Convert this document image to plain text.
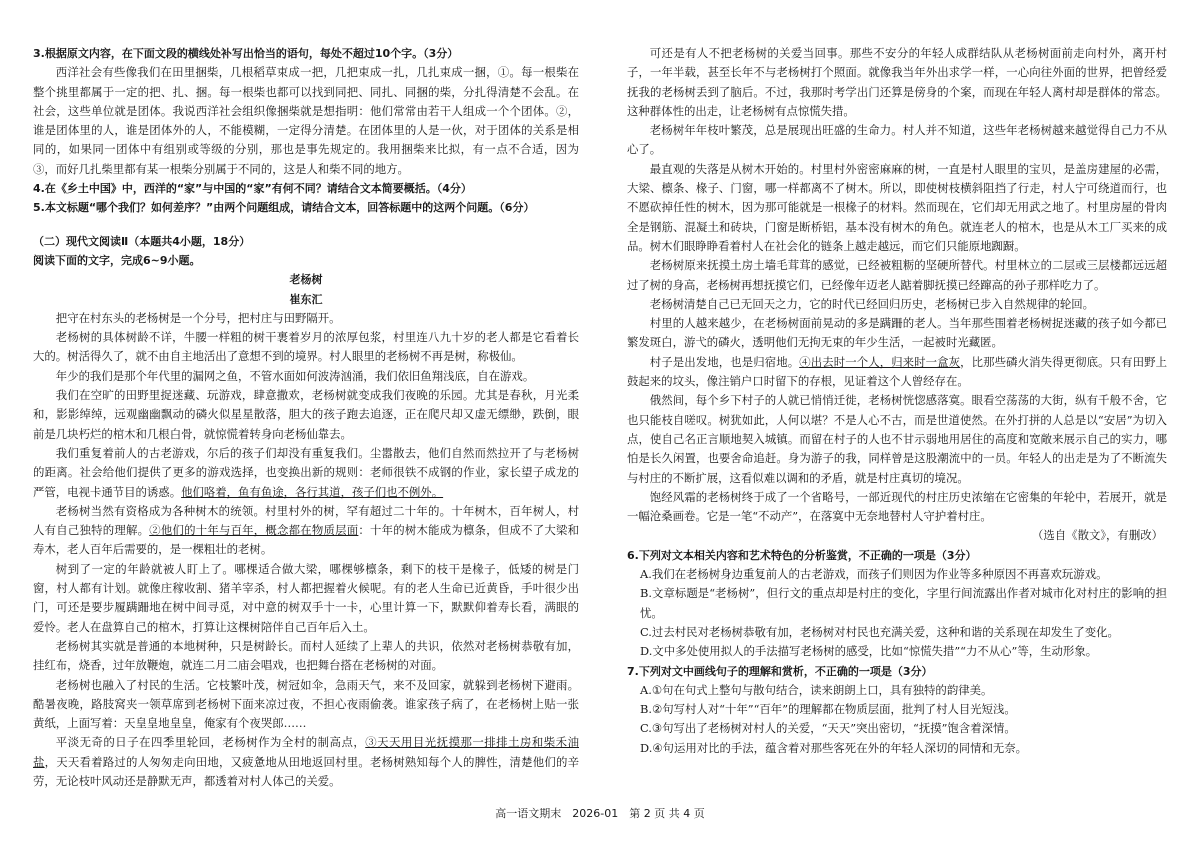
3.根据原文内容，在下面文段的横线处补写出恰当的语句，每处不超过10个字。（3分）

西洋社会有些像我们在田里捆柴，几根稻草束成一把，几把束成一扎，几扎束成一捆，①。每一根柴在整个挑里都属于一定的把、扎、捆。每一根柴也都可以找到同把、同扎、同捆的柴，分扎得清楚不会乱。在社会，这些单位就是团体。我说西洋社会组织像捆柴就是想指明：他们常常由若干人组成一个个团体。②，谁是团体里的人，谁是团体外的人，不能模糊，一定得分清楚。在团体里的人是一伙，对于团体的关系是相同的，如果同一团体中有组别或等级的分别，那也是事先规定的。我用捆柴来比拟，有一点不合适，因为③，而好几扎柴里都有某一根柴分别属于不同的，这是人和柴不同的地方。

4.在《乡土中国》中，西洋的“家”与中国的“家”有何不同？请结合文本简要概括。（4分）

5.本文标题“哪个我们？如何差序？”由两个问题组成，请结合文本，回答标题中的这两个问题。（6分）

（二）现代文阅读Ⅱ（本题共4小题，18分）

阅读下面的文字，完成6~9小题。

老杨树

崔东汇

把守在村东头的老杨树是一个分号，把村庄与田野隔开。

老杨树的具体树龄不详，牛腰一样粗的树干裹着岁月的浓厚包浆，村里连八九十岁的老人都是它看着长大的。树活得久了，就不由自主地活出了意想不到的境界。村人眼里的老杨树不再是树，称极仙。

年少的我们是那个年代里的漏网之鱼，不管水面如何波涛汹涌，我们依旧鱼翔浅底，自在游戏。

我们在空旷的田野里捉迷藏、玩游戏，肆意撒欢，老杨树就变成我们夜晚的乐园。尤其是春秋，月光柔和，影影绰绰，远观幽幽飘动的磷火似星星散落，胆大的孩子跑去追逐，正在爬尺却又虚无缥缈，跌倒，眼前是几块朽烂的棺木和几根白骨，就惊慌着转身向老杨仙靠去。

我们重复着前人的古老游戏，尔后的孩子们却没有重复我们。尘嚣散去，他们自然而然拉开了与老杨树的距离。社会给他们提供了更多的游戏选择，也变换出新的规则：老师很铁不成钢的作业，家长望子成龙的严管，电视卡通节目的诱惑。他们咯着，鱼有鱼途，各行其道，孩子们也不例外。

老杨树当然有资格成为各种树木的统领。村里村外的树，罕有超过二十年的。十年树木，百年树人，村人有自己独特的理解。②他们的十年与百年，概念都在物质层面：十年的树木能成为檩条，但成不了大梁和寿木，老人百年后需要的，是一棵粗壮的老树。

树到了一定的年龄就被人盯上了。哪棵适合做大梁，哪棵够檩条，剩下的枝干是椽子，低矮的树是门窗，村人都有计划。就像庄稼收割、猪羊宰杀，村人都把握着火候呢。有的老人生命已近黄昏，手叶很少出门，可还是要步履蹒跚地在树中间寻觅，对中意的树双手十一卡，心里计算一下，默默仰着寿长看，满眼的爱怜。老人在盘算自己的棺木，打算让这棵树陪伴自己百年后入土。

老杨树其实就是普通的本地树种，只是树龄长。而村人延续了上辈人的共识，依然对老杨树恭敬有加，挂红布，烧香，过年放鞭炮，就连二月二庙会唱戏，也把舞台搭在老杨树的对面。

老杨树也融入了村民的生活。它枝繁叶茂，树冠如伞，急雨天气，来不及回家，就躲到老杨树下避雨。酷暑夜晚，路肢窝夹一领草席到老杨树下面来凉过夜，不担心夜雨偷袭。谁家孩子病了，在老杨树上贴一张黄纸，上面写着：天皇皇地皇皇，俺家有个夜哭郎……

平淡无奇的日子在四季里轮回，老杨树作为全村的制高点，③天天用目光抚摸那一排排土房和柴禾油盐，天天看着路过的人匆匆走向田地，又疲惫地从田地返回村里。老杨树熟知每个人的脾性，清楚他们的辛劳，无论枝叶风动还是静默无声，都透着对村人体己的关爱。

可还是有人不把老杨树的关爱当回事。那些不安分的年轻人成群结队从老杨树面前走向村外，离开村子，一年半载，甚至长年不与老杨树打个照面。就像我当年外出求学一样，一心向往外面的世界，把曾经爱抚我的老杨树丢到了脑后。不过，我那时考学出门还算是傍身的个案，而现在年轻人离村却是群体的常态。这种群体性的出走，让老杨树有点惊慌失措。

老杨树年年枝叶繁茂，总是展现出旺盛的生命力。村人并不知道，这些年老杨树越来越觉得自己力不从心了。

最直观的失落是从树木开始的。村里村外密密麻麻的树，一直是村人眼里的宝贝，是盖房建屋的必需，大梁、檩条、椽子、门窗，哪一样都离不了树木。所以，即使树枝横斜阻挡了行走，村人宁可绕道而行，也不愿砍掉任性的树木，因为那可能就是一根椽子的材料。然而现在，它们却无用武之地了。村里房屋的骨肉全是钢筋、混凝土和砖块，门窗是断桥铝，基本没有树木的角色。就连老人的棺木，也是从木工厂买来的成品。树木们眼睁睁看着村人在社会化的链条上越走越远，而它们只能原地踟蹰。

老杨树原来抚摸土房土墙毛茸茸的感觉，已经被粗粝的坚硬所替代。村里林立的二层或三层楼都远远超过了树的身高，老杨树再想抚摸它们，已经像年迈老人踮着脚抚摸已经蹿高的孙子那样吃力了。

老杨树清楚自己已无回天之力，它的时代已经回归历史，老杨树已步入自然规律的轮回。

村里的人越来越少，在老杨树面前晃动的多是蹒跚的老人。当年那些围着老杨树捉迷藏的孩子如今都已繁发斑白，游弋的磷火，透明他们无拘无束的年少生活，一起被时光藏匿。

村子是出发地，也是归宿地。④出去时一个人，归来时一盒灰，比那些磷火消失得更彻底。只有田野上鼓起来的坟头，像注销户口时留下的存根，见证着这个人曾经存在。

俄然间，每个乡下村子的人就已悄悄迁徙，老杨树恍惚感落寞。眼看空荡荡的大街，纵有千般不舍，它也只能枝自嗟叹。树犹如此，人何以堪？不是人心不古，而是世道使然。在外打拼的人总是以“安居”为切入点，使自己名正言顺地契入城镇。而留在村子的人也不甘示弱地用居住的高度和宽敞来展示自己的实力，哪怕是长久闲置，也要舍命追赶。身为游子的我，同样曾是这股潮流中的一员。年轻人的出走是为了不断流失与村庄的不断扩展，这看似难以调和的矛盾，就是村庄真切的境况。

饱经风霜的老杨树终于成了一个省略号，一部近现代的村庄历史浓缩在它密集的年轮中，若展开，就是一幅沧桑画卷。它是一笔“不动产”，在落寞中无奈地替村人守护着村庄。

（选自《散文》，有删改）

6.下列对文本相关内容和艺术特色的分析鉴赏，不正确的一项是（3分）

A.我们在老杨树身边重复前人的古老游戏，而孩子们则因为作业等多种原因不再喜欢玩游戏。

B.文章标题是“老杨树”，但行文的重点却是村庄的变化，字里行间流露出作者对城市化对村庄的影响的担忧。

C.过去村民对老杨树恭敬有加，老杨树对村民也充满关爱，这种和谐的关系现在却发生了变化。

D.文中多处使用拟人的手法描写老杨树的感受，比如“惊慌失措”“力不从心”等，生动形象。

7.下列对文中画线句子的理解和赏析，不正确的一项是（3分）

A.①句在句式上整句与散句结合，读来朗朗上口，具有独特的韵律美。

B.②句写村人对“十年”“百年”的理解都在物质层面，批判了村人目光短浅。

C.③句写出了老杨树对村人的关爱，“天天”突出密切，“抚摸”饱含着深情。

D.④句运用对比的手法，蕴含着对那些客死在外的年轻人深切的同情和无奈。

高一语文期末　2026-01　第 2 页 共 4 页
